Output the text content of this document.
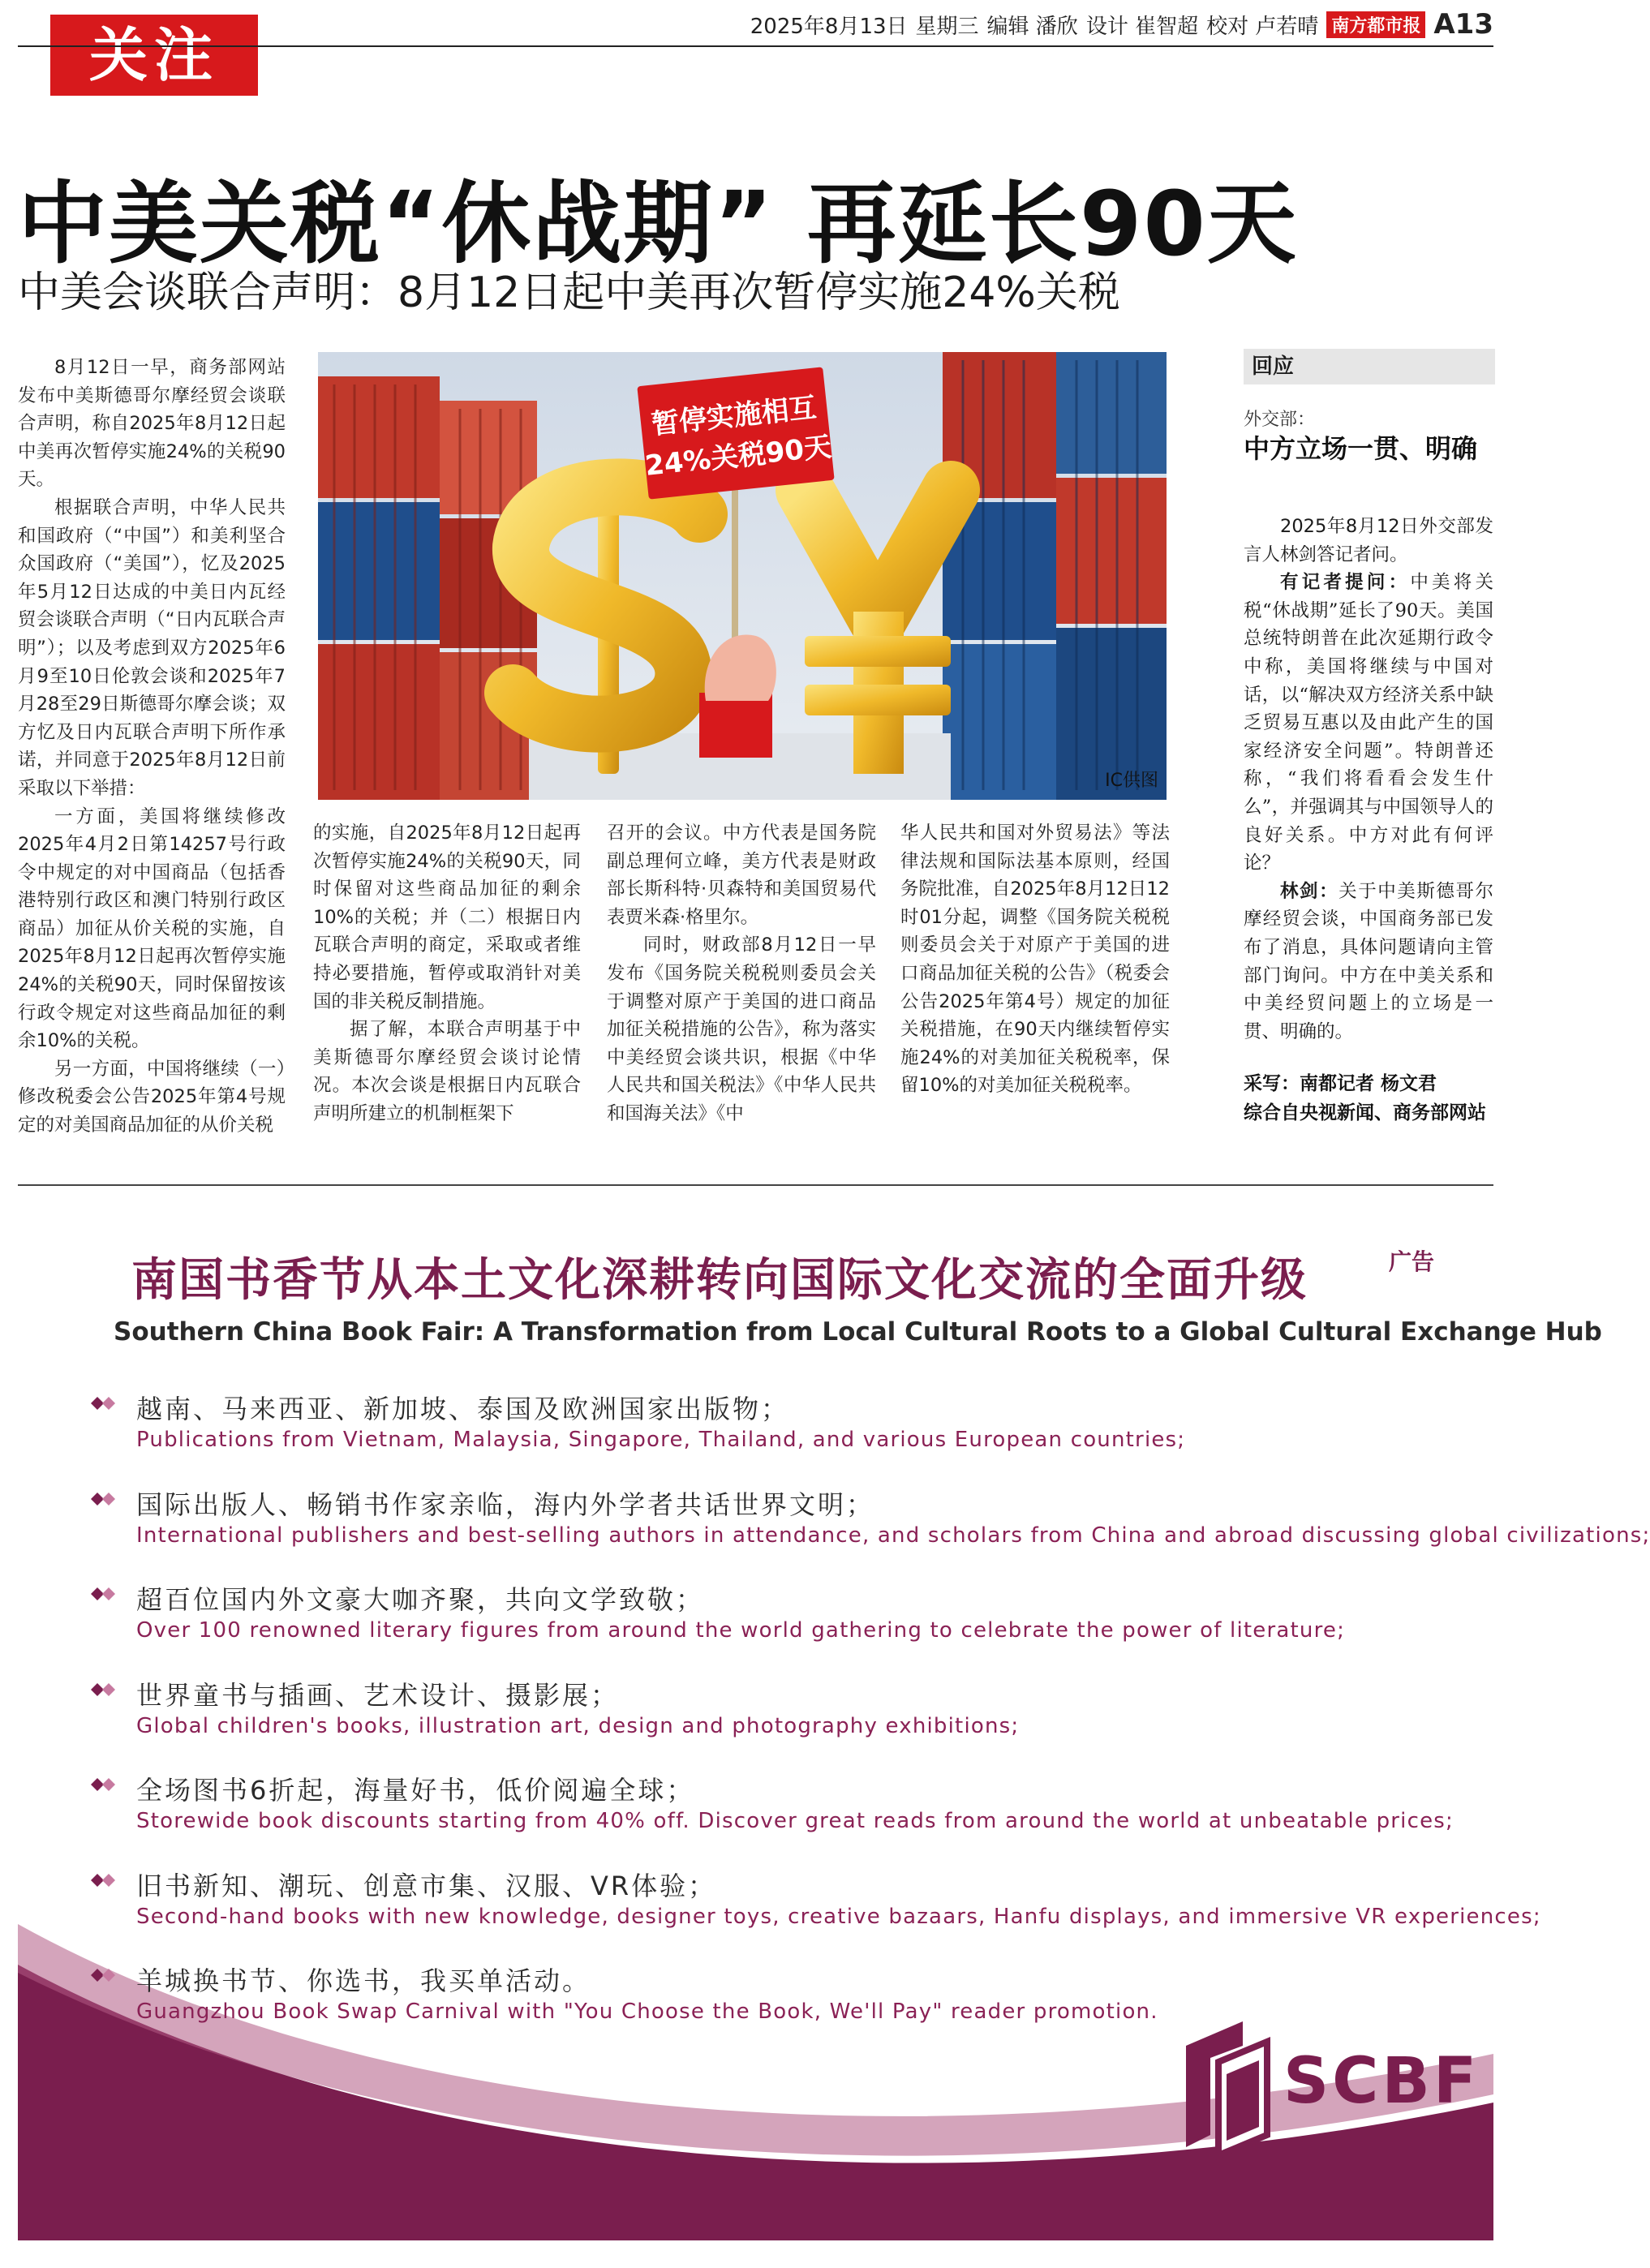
关注	2025年8月13日 星期三 编辑 潘欣 设计 崔智超 校对 卢若晴 南方都市报 A13
中美关税“休战期” 再延长90天
中美会谈联合声明：8月12日起中美再次暂停实施24%关税

8月12日一早，商务部网站发布中美斯德哥尔摩经贸会谈联合声明，称自2025年8月12日起中美再次暂停实施24%的关税90天。

根据联合声明，中华人民共和国政府（“中国”）和美利坚合众国政府（“美国”），忆及2025年5月12日达成的中美日内瓦经贸会谈联合声明（“日内瓦联合声明”）；以及考虑到双方2025年6月9至10日伦敦会谈和2025年7月28至29日斯德哥尔摩会谈；双方忆及日内瓦联合声明下所作承诺，并同意于2025年8月12日前采取以下举措：

一方面，美国将继续修改2025年4月2日第14257号行政令中规定的对中国商品（包括香港特别行政区和澳门特别行政区商品）加征从价关税的实施，自2025年8月12日起再次暂停实施24%的关税90天，同时保留按该行政令规定对这些商品加征的剩余10%的关税。

另一方面，中国将继续（一）修改税委会公告2025年第4号规定的对美国商品加征的从价关税

暂停实施相互
24%关税90天
IC供图

的实施，自2025年8月12日起再次暂停实施24%的关税90天，同时保留对这些商品加征的剩余10%的关税；并（二）根据日内瓦联合声明的商定，采取或者维持必要措施，暂停或取消针对美国的非关税反制措施。

据了解，本联合声明基于中美斯德哥尔摩经贸会谈讨论情况。本次会谈是根据日内瓦联合声明所建立的机制框架下

召开的会议。中方代表是国务院副总理何立峰，美方代表是财政部长斯科特·贝森特和美国贸易代表贾米森·格里尔。

同时，财政部8月12日一早发布《国务院关税税则委员会关于调整对原产于美国的进口商品加征关税措施的公告》，称为落实中美经贸会谈共识，根据《中华人民共和国关税法》《中华人民共和国海关法》《中

华人民共和国对外贸易法》等法律法规和国际法基本原则，经国务院批准，自2025年8月12日12时01分起，调整《国务院关税税则委员会关于对原产于美国的进口商品加征关税的公告》（税委会公告2025年第4号）规定的加征关税措施，在90天内继续暂停实施24%的对美加征关税税率，保留10%的对美加征关税税率。

回应
外交部：
中方立场一贯、明确

2025年8月12日外交部发言人林剑答记者问。

有记者提问：中美将关税“休战期”延长了90天。美国总统特朗普在此次延期行政令中称，美国将继续与中国对话，以“解决双方经济关系中缺乏贸易互惠以及由此产生的国家经济安全问题”。特朗普还称，“我们将看看会发生什么”，并强调其与中国领导人的良好关系。中方对此有何评论？

林剑：关于中美斯德哥尔摩经贸会谈，中国商务部已发布了消息，具体问题请向主管部门询问。中方在中美关系和中美经贸问题上的立场是一贯、明确的。

采写：南都记者 杨文君
综合自央视新闻、商务部网站
南国书香节从本土文化深耕转向国际文化交流的全面升级	广告
Southern China Book Fair: A Transformation from Local Cultural Roots to a Global Cultural Exchange Hub
越南、马来西亚、新加坡、泰国及欧洲国家出版物；
Publications from Vietnam, Malaysia, Singapore, Thailand, and various European countries;
国际出版人、畅销书作家亲临，海内外学者共话世界文明；
International publishers and best-selling authors in attendance, and scholars from China and abroad discussing global civilizations;
超百位国内外文豪大咖齐聚，共向文学致敬；
Over 100 renowned literary figures from around the world gathering to celebrate the power of literature;
世界童书与插画、艺术设计、摄影展；
Global children's books, illustration art, design and photography exhibitions;
全场图书6折起，海量好书，低价阅遍全球；
Storewide book discounts starting from 40% off. Discover great reads from around the world at unbeatable prices;
旧书新知、潮玩、创意市集、汉服、VR体验；
Second-hand books with new knowledge, designer toys, creative bazaars, Hanfu displays, and immersive VR experiences;
羊城换书节、你选书，我买单活动。
Guangzhou Book Swap Carnival with "You Choose the Book, We'll Pay" reader promotion.
SCBF
